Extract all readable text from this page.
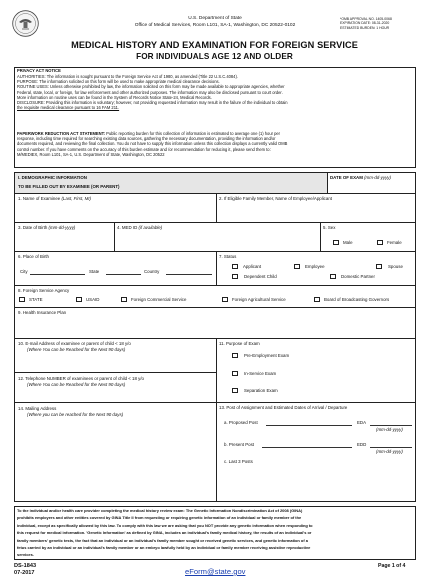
U.S. Department of State
Office of Medical Services, Room L101, SA-1, Washington, DC 20522-0102
*OMB APPROVAL NO. 1405-0068
EXPIRATION DATE: 08-31-2020
ESTIMATED BURDEN: 1 HOUR
MEDICAL HISTORY AND EXAMINATION FOR FOREIGN SERVICE
FOR INDIVIDUALS AGE 12 AND OLDER
PRIVACY ACT NOTICE
AUTHORITIES: The information is sought pursuant to the Foreign Service Act of 1980, as amended (Title 22 U.S.C.4084).
PURPOSE: The information solicited on this form will be used to make appropriate medical clearance decisions.
ROUTINE USES: Unless otherwise prohibited by law, the information solicited on this form may be made available to appropriate agencies, whether
Federal, state, local, or foreign, for law enforcement and other authorized purposes. The information may also be disclosed pursuant to court order.
More information on routine uses can be found in the System of Records Notice State-24, Medical Records.
DISCLOSURE: Providing this information is voluntary; however, not providing requested information may result in the failure of the individual to obtain
the requisite medical clearance pursuant to 16 FAM 211.
PAPERWORK REDUCTION ACT STATEMENT: Public reporting burden for this collection of information is estimated to average one (1) hour per
response, including time required for searching existing data sources, gathering the necessary documentation, providing the information and/or
documents required, and reviewing the final collection. You do not have to supply this information unless this collection displays a currently valid OMB
control number. If you have comments on the accuracy of this burden estimate and /or recommendation for reducing it, please send them to:
M/MEDIEX, Room L101, SA-1, U.S. Department of State, Washington, DC 20522
I. DEMOGRAPHIC INFORMATION
TO BE FILLED OUT BY EXAMINEE (OR PARENT)
DATE OF EXAM (mm-dd-yyyy)
1. Name of Examinee (Last, First, MI)	2. If Eligible Family Member, Name of Employee/Applicant
3. Date of Birth (mm-dd-yyyy)	4. MED ID (if available)	5. Sex
Male	Female
6. Place of Birth
City	State	Country
7. Status
Applicant	Employee	Spouse
Dependent Child	Domestic Partner
8. Foreign Service Agency
STATE	USAID	Foreign Commercial Service	Foreign Agricultural Service	Board of Broadcasting Governors
9. Health Insurance Plan
10. E-mail Address of examinee or parent of child < 18 y/o
(Where You can be Reached for the Next 90 days)
11. Purpose of Exam
Pre-Employment Exam
In-Service Exam
Separation Exam
12. Telephone NUMBER of examinees or parent of child < 18 y/o
(Where You can be Reached for the Next 90 days)
14. Mailing Address
(Where you can be reached for the Next 90 days)
13. Post of Assignment and Estimated Dates of Arrival / Departure
a. Proposed Post	EDA
(mm-dd-yyyy)
b. Present Post	EDD
(mm-dd-yyyy)
c. Last 3 Posts
To the individual and/or health care provider completing the medical history review exam: The Genetic Information Nondiscrimination Act of 2008 (GINA)
prohibits employers and other entities covered by GINA Title II from requesting or requiring genetic information of an individual or family member of the
individual, except as specifically allowed by this law. To comply with this law we are asking that you NOT provide any genetic information when responding to
this request for medical information. 'Genetic Information' as defined by GINA, includes an individual's family medical history, the results of an individual's or
family members' genetic tests, the fact that an individual or an individual's family member sought or received genetic services, and genetic information of a
fetus carried by an individual or an individual's family member or an embryo lawfully held by an individual or family member receiving assistive reproductive
services.
DS-1843
07-2017	eForm@state.gov
Page 1 of 4
